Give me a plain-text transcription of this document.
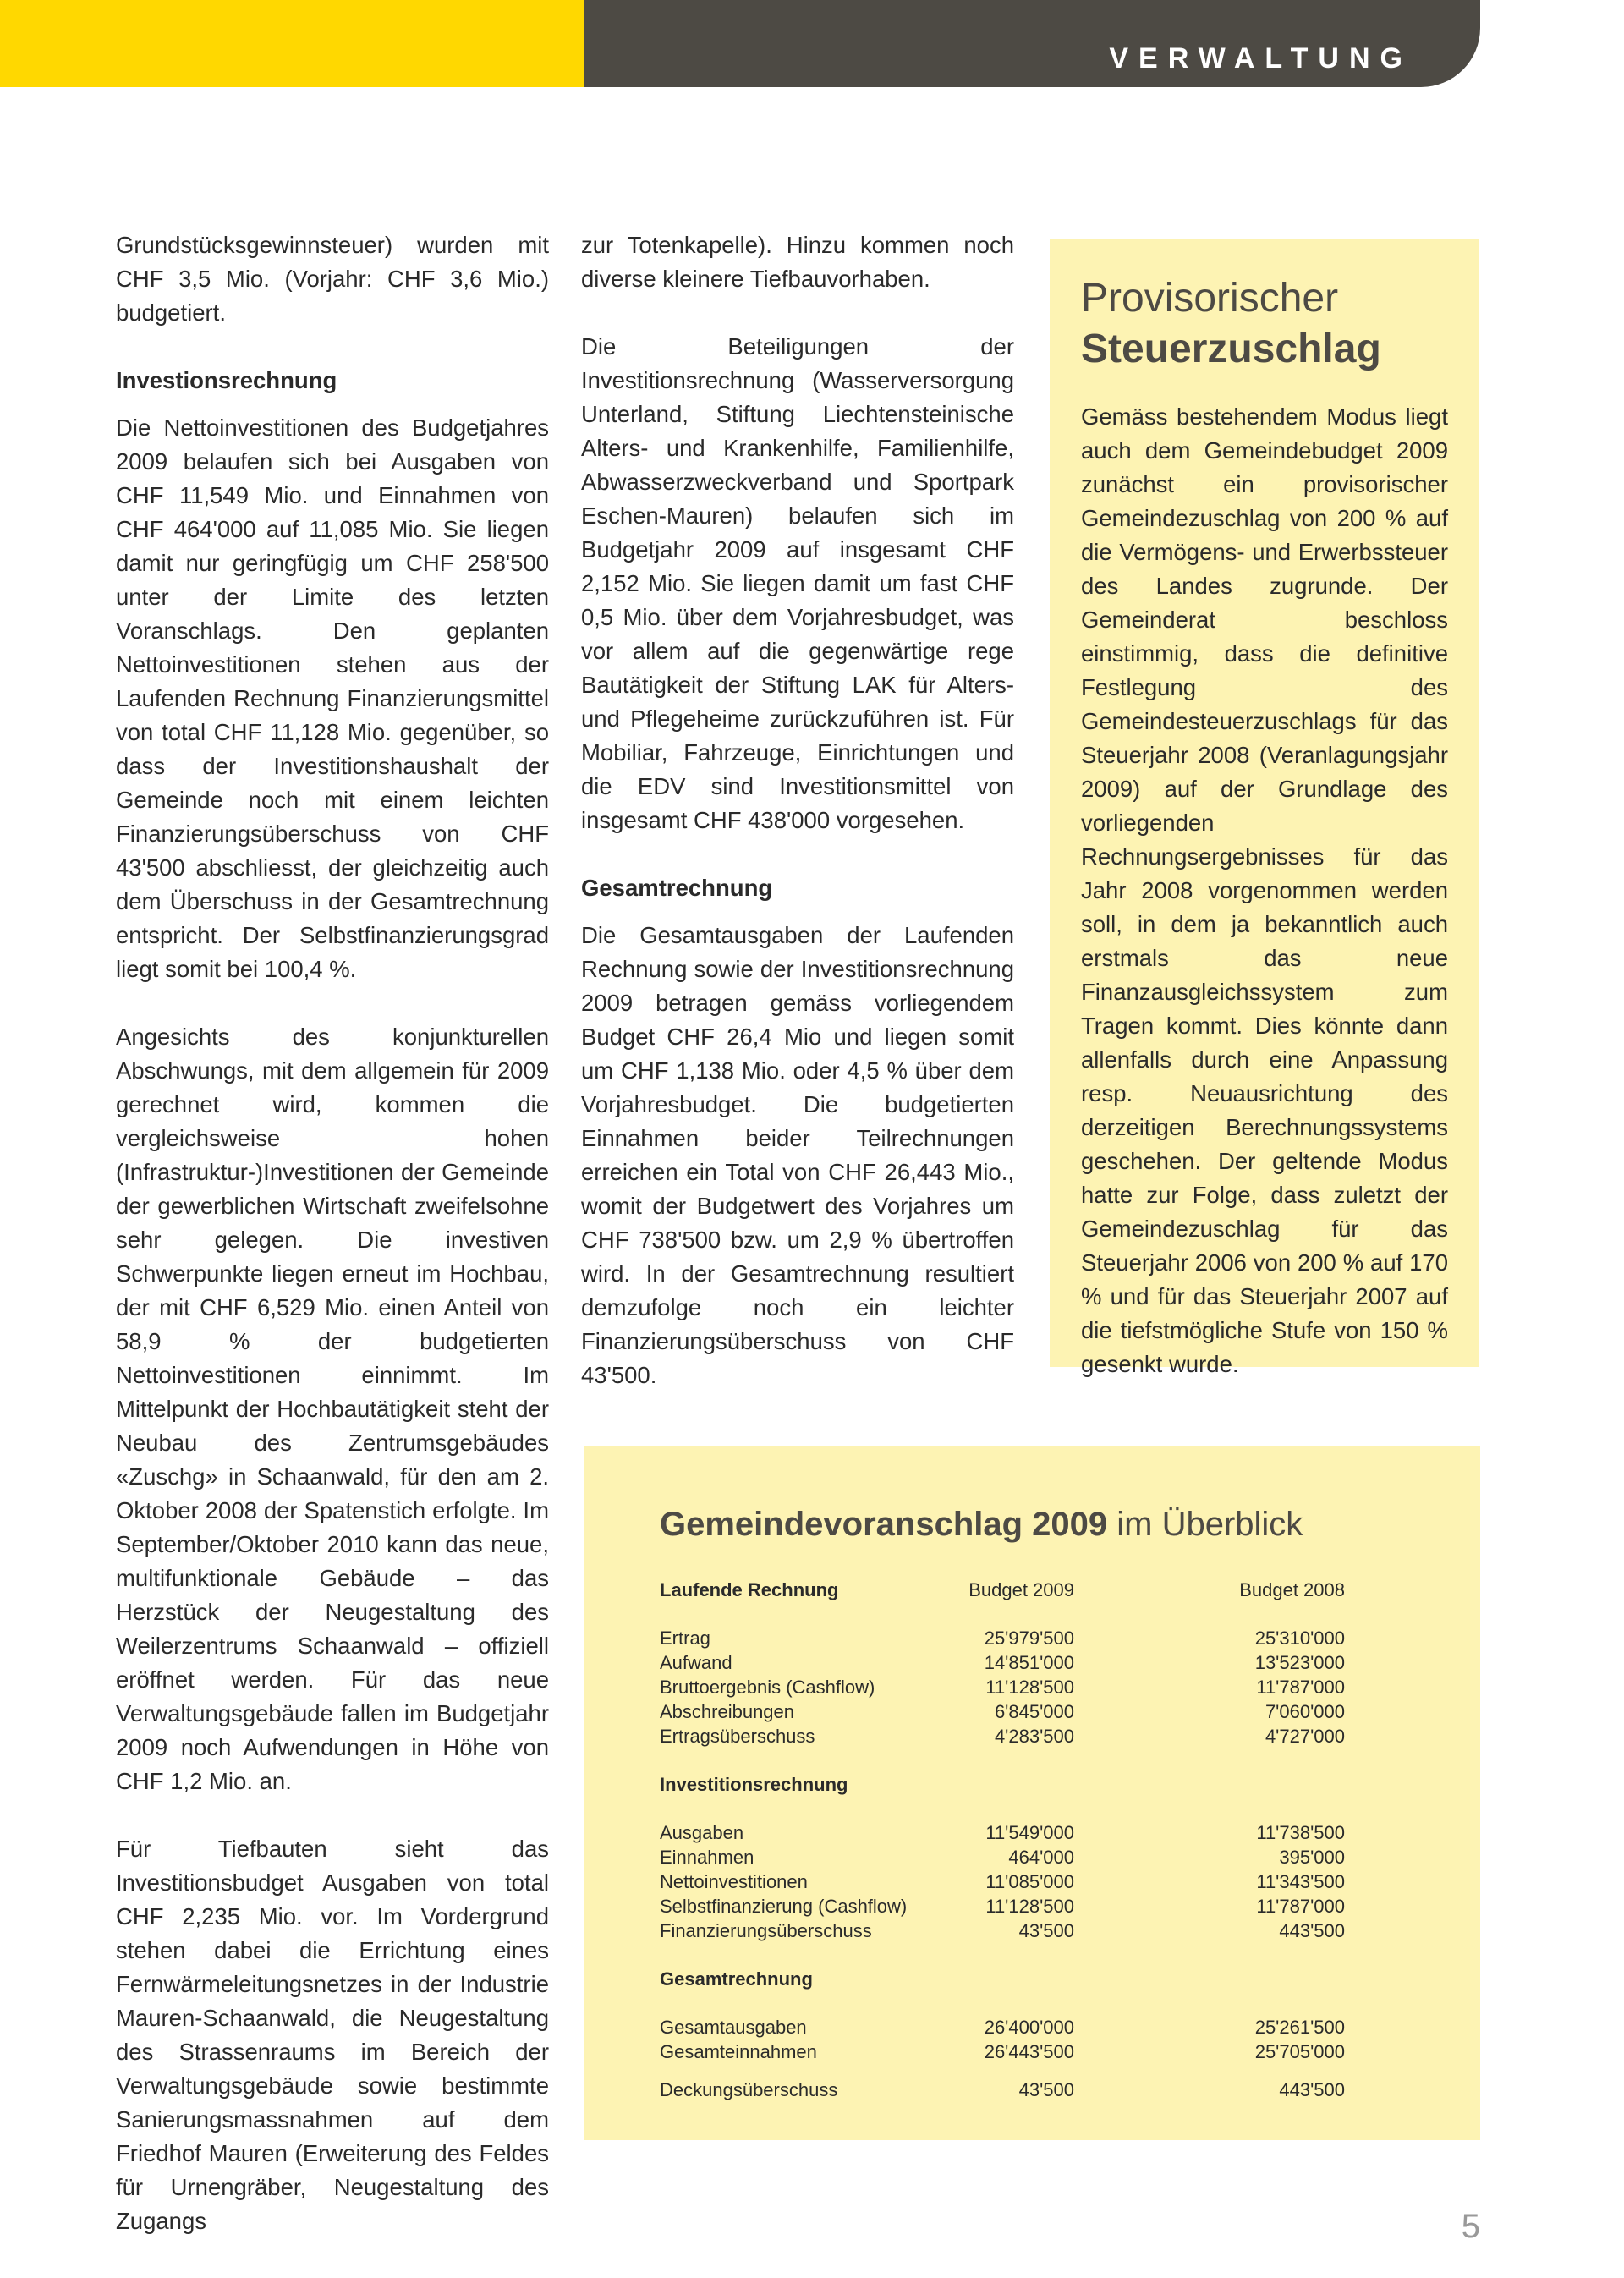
VERWALTUNG

Grundstücksgewinnsteuer) wurden mit CHF 3,5 Mio. (Vorjahr: CHF 3,6 Mio.) budgetiert.

Investionsrechnung

Die Nettoinvestitionen des Budgetjahres 2009 belaufen sich bei Ausgaben von CHF 11,549 Mio. und Einnahmen von CHF 464'000 auf 11,085 Mio. Sie liegen damit nur geringfügig um CHF 258'500 unter der Limite des letzten Voranschlags. Den geplanten Nettoinvestitionen stehen aus der Laufenden Rechnung Finanzierungsmittel von total CHF 11,128 Mio. gegenüber, so dass der Investitionshaushalt der Gemeinde noch mit einem leichten Finanzierungsüberschuss von CHF 43'500 abschliesst, der gleichzeitig auch dem Überschuss in der Gesamtrechnung entspricht. Der Selbstfinanzierungsgrad liegt somit bei 100,4 %.

Angesichts des konjunkturellen Abschwungs, mit dem allgemein für 2009 gerechnet wird, kommen die vergleichsweise hohen (Infrastruktur-)Investitionen der Gemeinde der gewerblichen Wirtschaft zweifelsohne sehr gelegen. Die investiven Schwerpunkte liegen erneut im Hochbau, der mit CHF 6,529 Mio. einen Anteil von 58,9 % der budgetierten Nettoinvestitionen einnimmt. Im Mittelpunkt der Hochbautätigkeit steht der Neubau des Zentrumsgebäudes «Zuschg» in Schaanwald, für den am 2. Oktober 2008 der Spatenstich erfolgte. Im September/Oktober 2010 kann das neue, multifunktionale Gebäude – das Herzstück der Neugestaltung des Weilerzentrums Schaanwald – offiziell eröffnet werden. Für das neue Verwaltungsgebäude fallen im Budgetjahr 2009 noch Aufwendungen in Höhe von CHF 1,2 Mio. an.

Für Tiefbauten sieht das Investitionsbudget Ausgaben von total CHF 2,235 Mio. vor. Im Vordergrund stehen dabei die Errichtung eines Fernwärmeleitungsnetzes in der Industrie Mauren-Schaanwald, die Neugestaltung des Strassenraums im Bereich der Verwaltungsgebäude sowie bestimmte Sanierungsmassnahmen auf dem Friedhof Mauren (Erweiterung des Feldes für Urnengräber, Neugestaltung des Zugangs

zur Totenkapelle). Hinzu kommen noch diverse kleinere Tiefbauvorhaben.

Die Beteiligungen der Investitionsrechnung (Wasserversorgung Unterland, Stiftung Liechtensteinische Alters- und Krankenhilfe, Familienhilfe, Abwasserzweckverband und Sportpark Eschen-Mauren) belaufen sich im Budgetjahr 2009 auf insgesamt CHF 2,152 Mio. Sie liegen damit um fast CHF 0,5 Mio. über dem Vorjahresbudget, was vor allem auf die gegenwärtige rege Bautätigkeit der Stiftung LAK für Alters- und Pflegeheime zurückzuführen ist. Für Mobiliar, Fahrzeuge, Einrichtungen und die EDV sind Investitionsmittel von insgesamt CHF 438'000 vorgesehen.

Gesamtrechnung

Die Gesamtausgaben der Laufenden Rechnung sowie der Investitionsrechnung 2009 betragen gemäss vorliegendem Budget CHF 26,4 Mio und liegen somit um CHF 1,138 Mio. oder 4,5 % über dem Vorjahresbudget. Die budgetierten Einnahmen beider Teilrechnungen erreichen ein Total von CHF 26,443 Mio., womit der Budgetwert des Vorjahres um CHF 738'500 bzw. um 2,9 % übertroffen wird. In der Gesamtrechnung resultiert demzufolge noch ein leichter Finanzierungsüberschuss von CHF 43'500.

Provisorischer
Steuerzuschlag

Gemäss bestehendem Modus liegt auch dem Gemeindebudget 2009 zunächst ein provisorischer Gemeindezuschlag von 200 % auf die Vermögens- und Erwerbssteuer des Landes zugrunde. Der Gemeinderat beschloss einstimmig, dass die definitive Festlegung des Gemeindesteuerzuschlags für das Steuerjahr 2008 (Veranlagungsjahr 2009) auf der Grundlage des vorliegenden Rechnungsergebnisses für das Jahr 2008 vorgenommen werden soll, in dem ja bekanntlich auch erstmals das neue Finanzausgleichssystem zum Tragen kommt. Dies könnte dann allenfalls durch eine Anpassung resp. Neuausrichtung des derzeitigen Berechnungssystems geschehen. Der geltende Modus hatte zur Folge, dass zuletzt der Gemeindezuschlag für das Steuerjahr 2006 von 200 % auf 170 % und für das Steuerjahr 2007 auf die tiefstmögliche Stufe von 150 % gesenkt wurde.

Gemeindevoranschlag 2009 im Überblick
Laufende Rechnung	Budget 2009	Budget 2008
Ertrag	25'979'500	25'310'000
Aufwand	14'851'000	13'523'000
Bruttoergebnis (Cashflow)	11'128'500	11'787'000
Abschreibungen	6'845'000	7'060'000
Ertragsüberschuss	4'283'500	4'727'000

Investitionsrechnung		
Ausgaben	11'549'000	11'738'500
Einnahmen	464'000	395'000
Nettoinvestitionen	11'085'000	11'343'500
Selbstfinanzierung (Cashflow)	11'128'500	11'787'000
Finanzierungsüberschuss	43'500	443'500

Gesamtrechnung		
Gesamtausgaben	26'400'000	25'261'500
Gesamteinnahmen	26'443'500	25'705'000

Deckungsüberschuss	43'500	443'500
5
